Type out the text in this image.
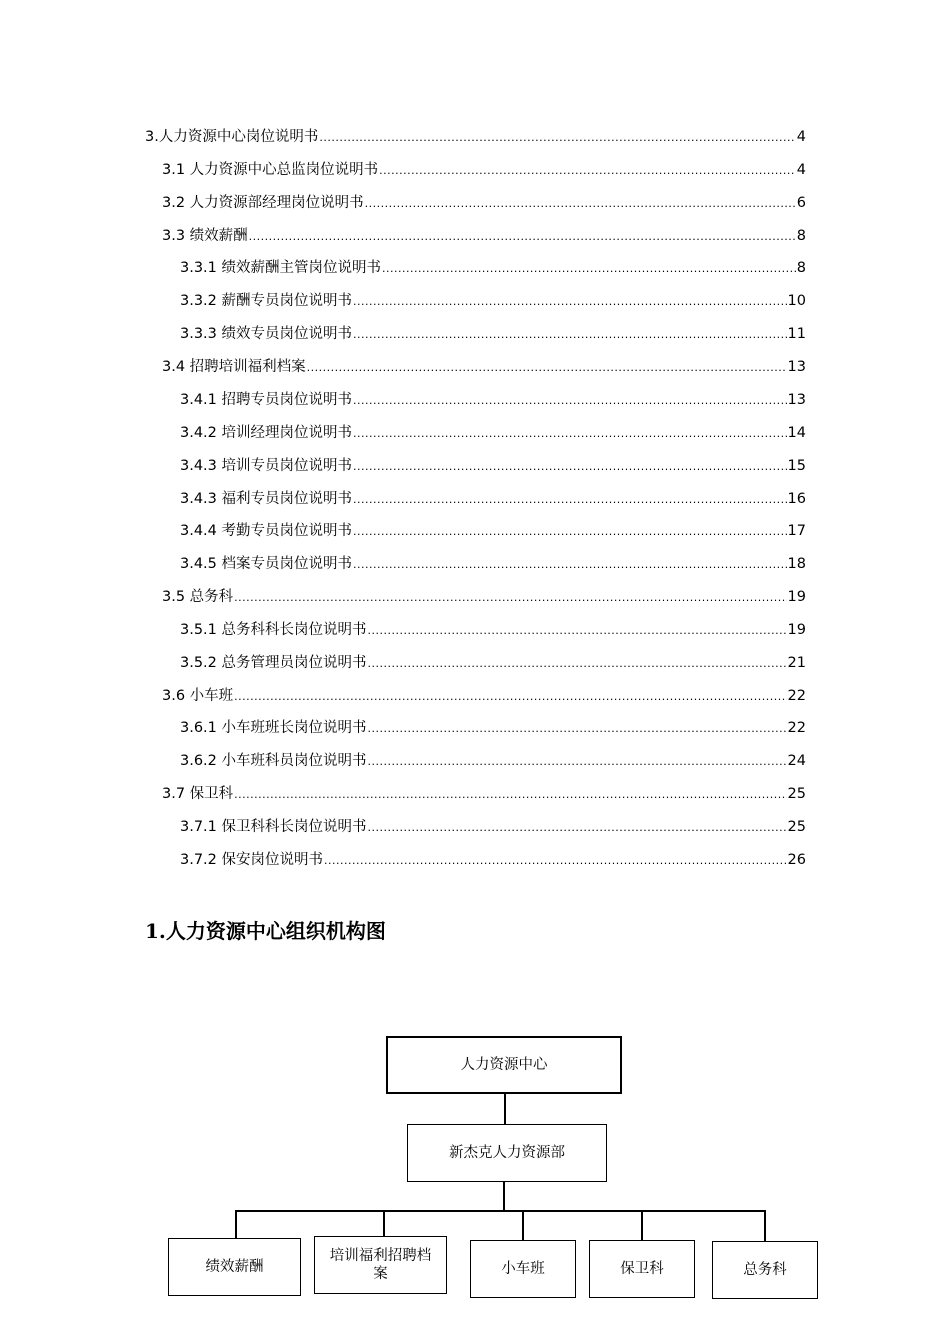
3.人力资源中心岗位说明书 .....	4
3.1 人力资源中心总监岗位说明书 .....	4
3.2 人力资源部经理岗位说明书 .....	6
3.3 绩效薪酬 .....	8
3.3.1 绩效薪酬主管岗位说明书 .....	8
3.3.2 薪酬专员岗位说明书 .....	10
3.3.3 绩效专员岗位说明书 .....	11
3.4 招聘培训福利档案 .....	13
3.4.1 招聘专员岗位说明书 .....	13
3.4.2 培训经理岗位说明书 .....	14
3.4.3 培训专员岗位说明书 .....	15
3.4.3 福利专员岗位说明书 .....	16
3.4.4 考勤专员岗位说明书 .....	17
3.4.5 档案专员岗位说明书 .....	18
3.5 总务科 .....	19
3.5.1 总务科科长岗位说明书 .....	19
3.5.2 总务管理员岗位说明书 .....	21
3.6 小车班 .....	22
3.6.1 小车班班长岗位说明书 .....	22
3.6.2 小车班科员岗位说明书 .....	24
3.7 保卫科 .....	25
3.7.1 保卫科科长岗位说明书 .....	25
3.7.2 保安岗位说明书 .....	26
1.人力资源中心组织机构图
人力资源中心
新杰克人力资源部
绩效薪酬
培训福利招聘档案	小车班	保卫科	总务科
